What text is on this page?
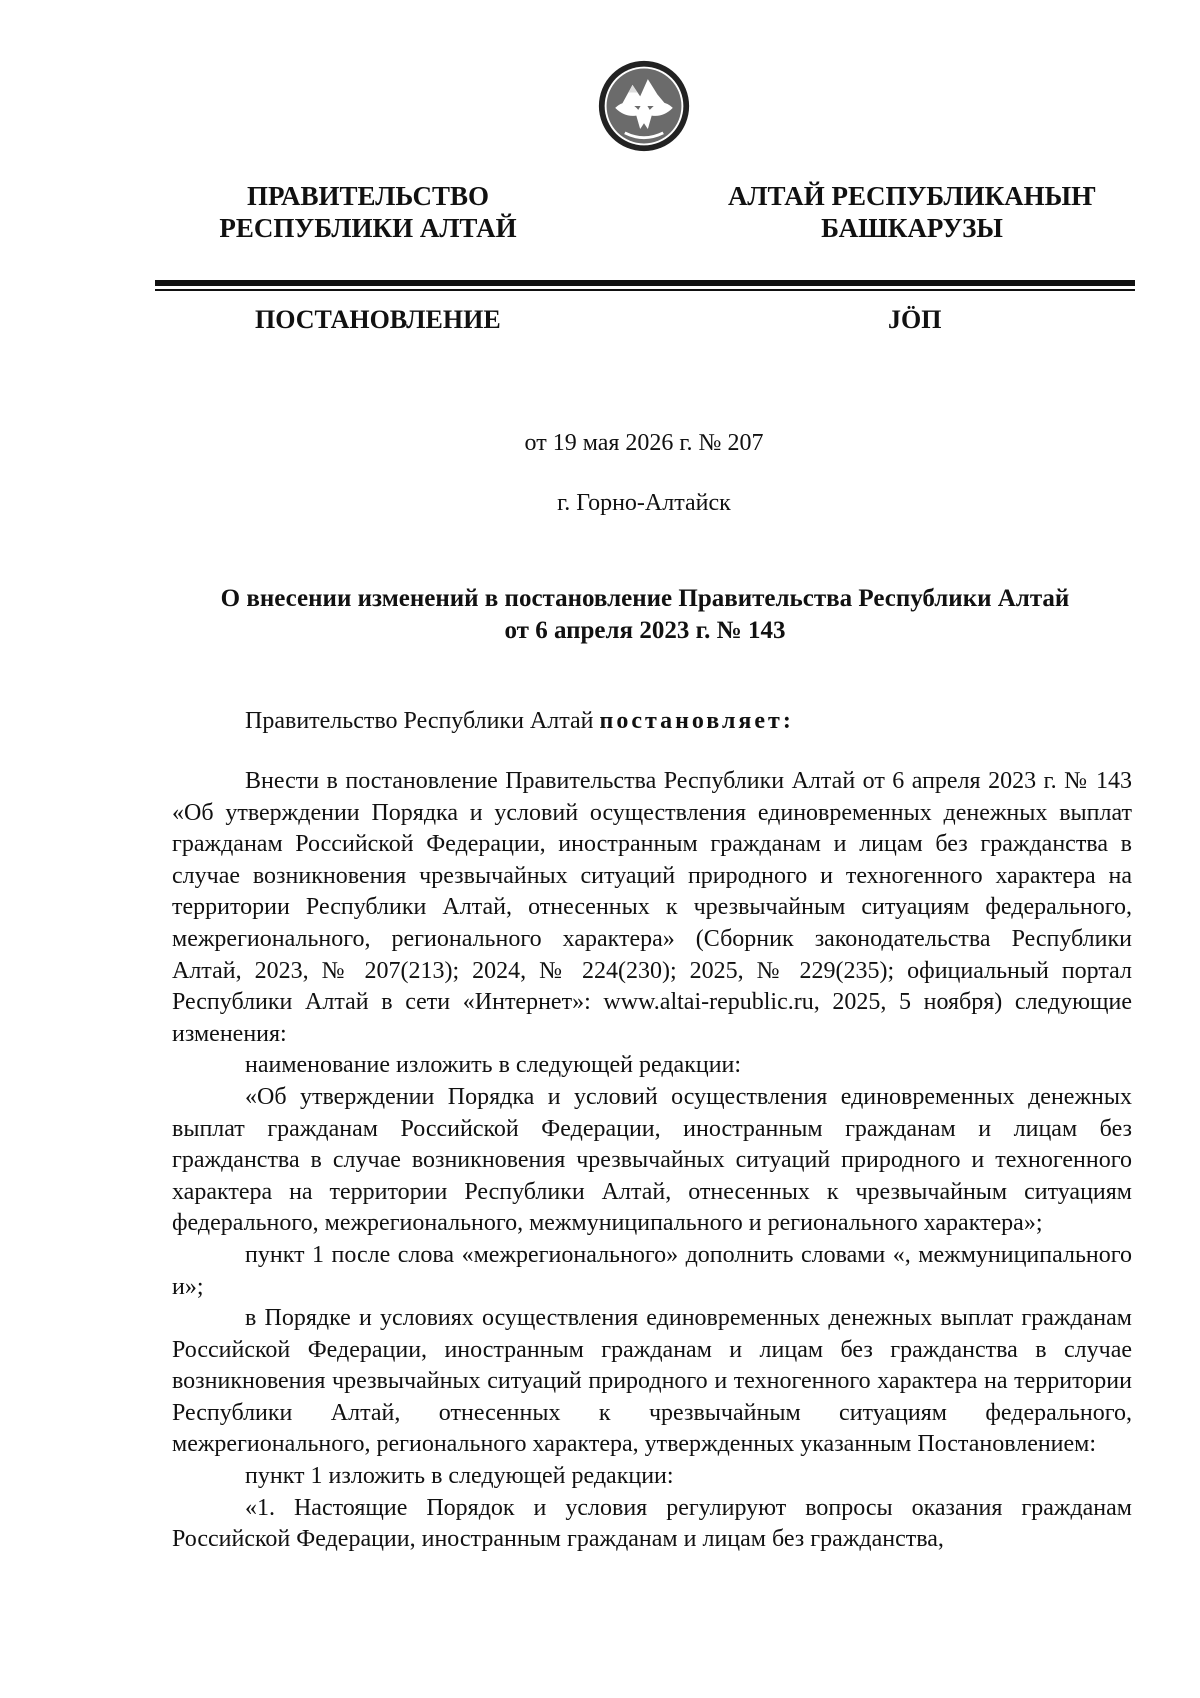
ПРАВИТЕЛЬСТВО
РЕСПУБЛИКИ АЛТАЙ
АЛТАЙ РЕСПУБЛИКАНЫҤ
БАШКАРУЗЫ
ПОСТАНОВЛЕНИЕ	JӦП
от 19 мая 2026 г. № 207
г. Горно-Алтайск
О внесении изменений в постановление Правительства Республики Алтай
от 6 апреля 2023 г. № 143
Правительство Республики Алтай постановляет:

Внести в постановление Правительства Республики Алтай от 6 апреля 2023 г. № 143 «Об утверждении Порядка и условий осуществления единовременных денежных выплат гражданам Российской Федерации, иностранным гражданам и лицам без гражданства в случае возникновения чрезвычайных ситуаций природного и техногенного характера на территории Республики Алтай, отнесенных к чрезвычайным ситуациям федерального, межрегионального, регионального характера» (Сборник законодательства Республики Алтай, 2023, № 207(213); 2024, № 224(230); 2025, № 229(235); официальный портал Республики Алтай в сети «Интернет»: www.altai-republic.ru, 2025, 5 ноября) следующие изменения:

наименование изложить в следующей редакции:

«Об утверждении Порядка и условий осуществления единовременных денежных выплат гражданам Российской Федерации, иностранным гражданам и лицам без гражданства в случае возникновения чрезвычайных ситуаций природного и техногенного характера на территории Республики Алтай, отнесенных к чрезвычайным ситуациям федерального, межрегионального, межмуниципального и регионального характера»;

пункт 1 после слова «межрегионального» дополнить словами «, межмуниципального и»;

в Порядке и условиях осуществления единовременных денежных выплат гражданам Российской Федерации, иностранным гражданам и лицам без гражданства в случае возникновения чрезвычайных ситуаций природного и техногенного характера на территории Республики Алтай, отнесенных к чрезвычайным ситуациям федерального, межрегионального, регионального характера, утвержденных указанным Постановлением:

пункт 1 изложить в следующей редакции:

«1. Настоящие Порядок и условия регулируют вопросы оказания гражданам Российской Федерации, иностранным гражданам и лицам без гражданства,
